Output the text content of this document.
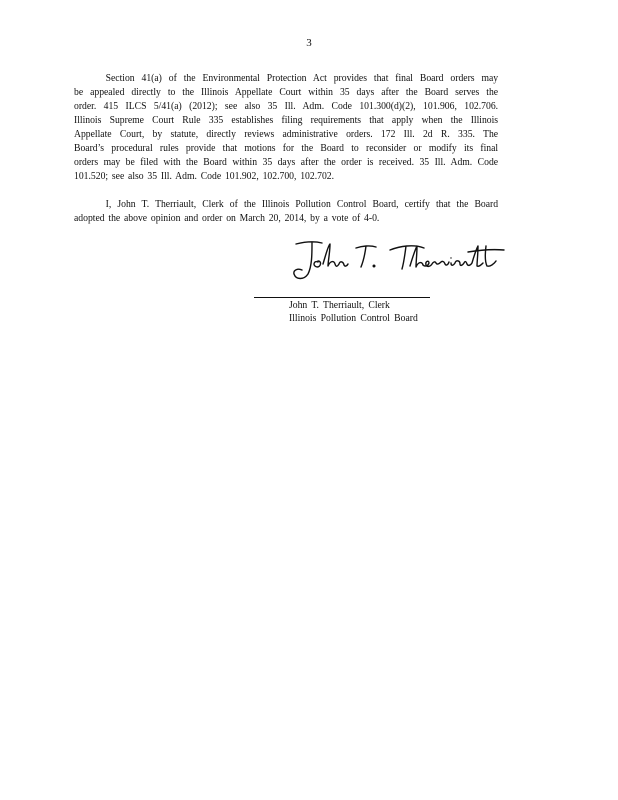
3
Section 41(a) of the Environmental Protection Act provides that final Board orders may
be appealed directly to the Illinois Appellate Court within 35 days after the Board serves the
order. 415 ILCS 5/41(a) (2012); see also 35 Ill. Adm. Code 101.300(d)(2), 101.906, 102.706.
Illinois Supreme Court Rule 335 establishes filing requirements that apply when the Illinois
Appellate Court, by statute, directly reviews administrative orders. 172 Ill. 2d R. 335. The
Board’s procedural rules provide that motions for the Board to reconsider or modify its final
orders may be filed with the Board within 35 days after the order is received. 35 Ill. Adm. Code
101.520; see also 35 Ill. Adm. Code 101.902, 102.700, 102.702.
I, John T. Therriault, Clerk of the Illinois Pollution Control Board, certify that the Board
adopted the above opinion and order on March 20, 2014, by a vote of 4-0.
John T. Therriault, Clerk
Illinois Pollution Control Board
